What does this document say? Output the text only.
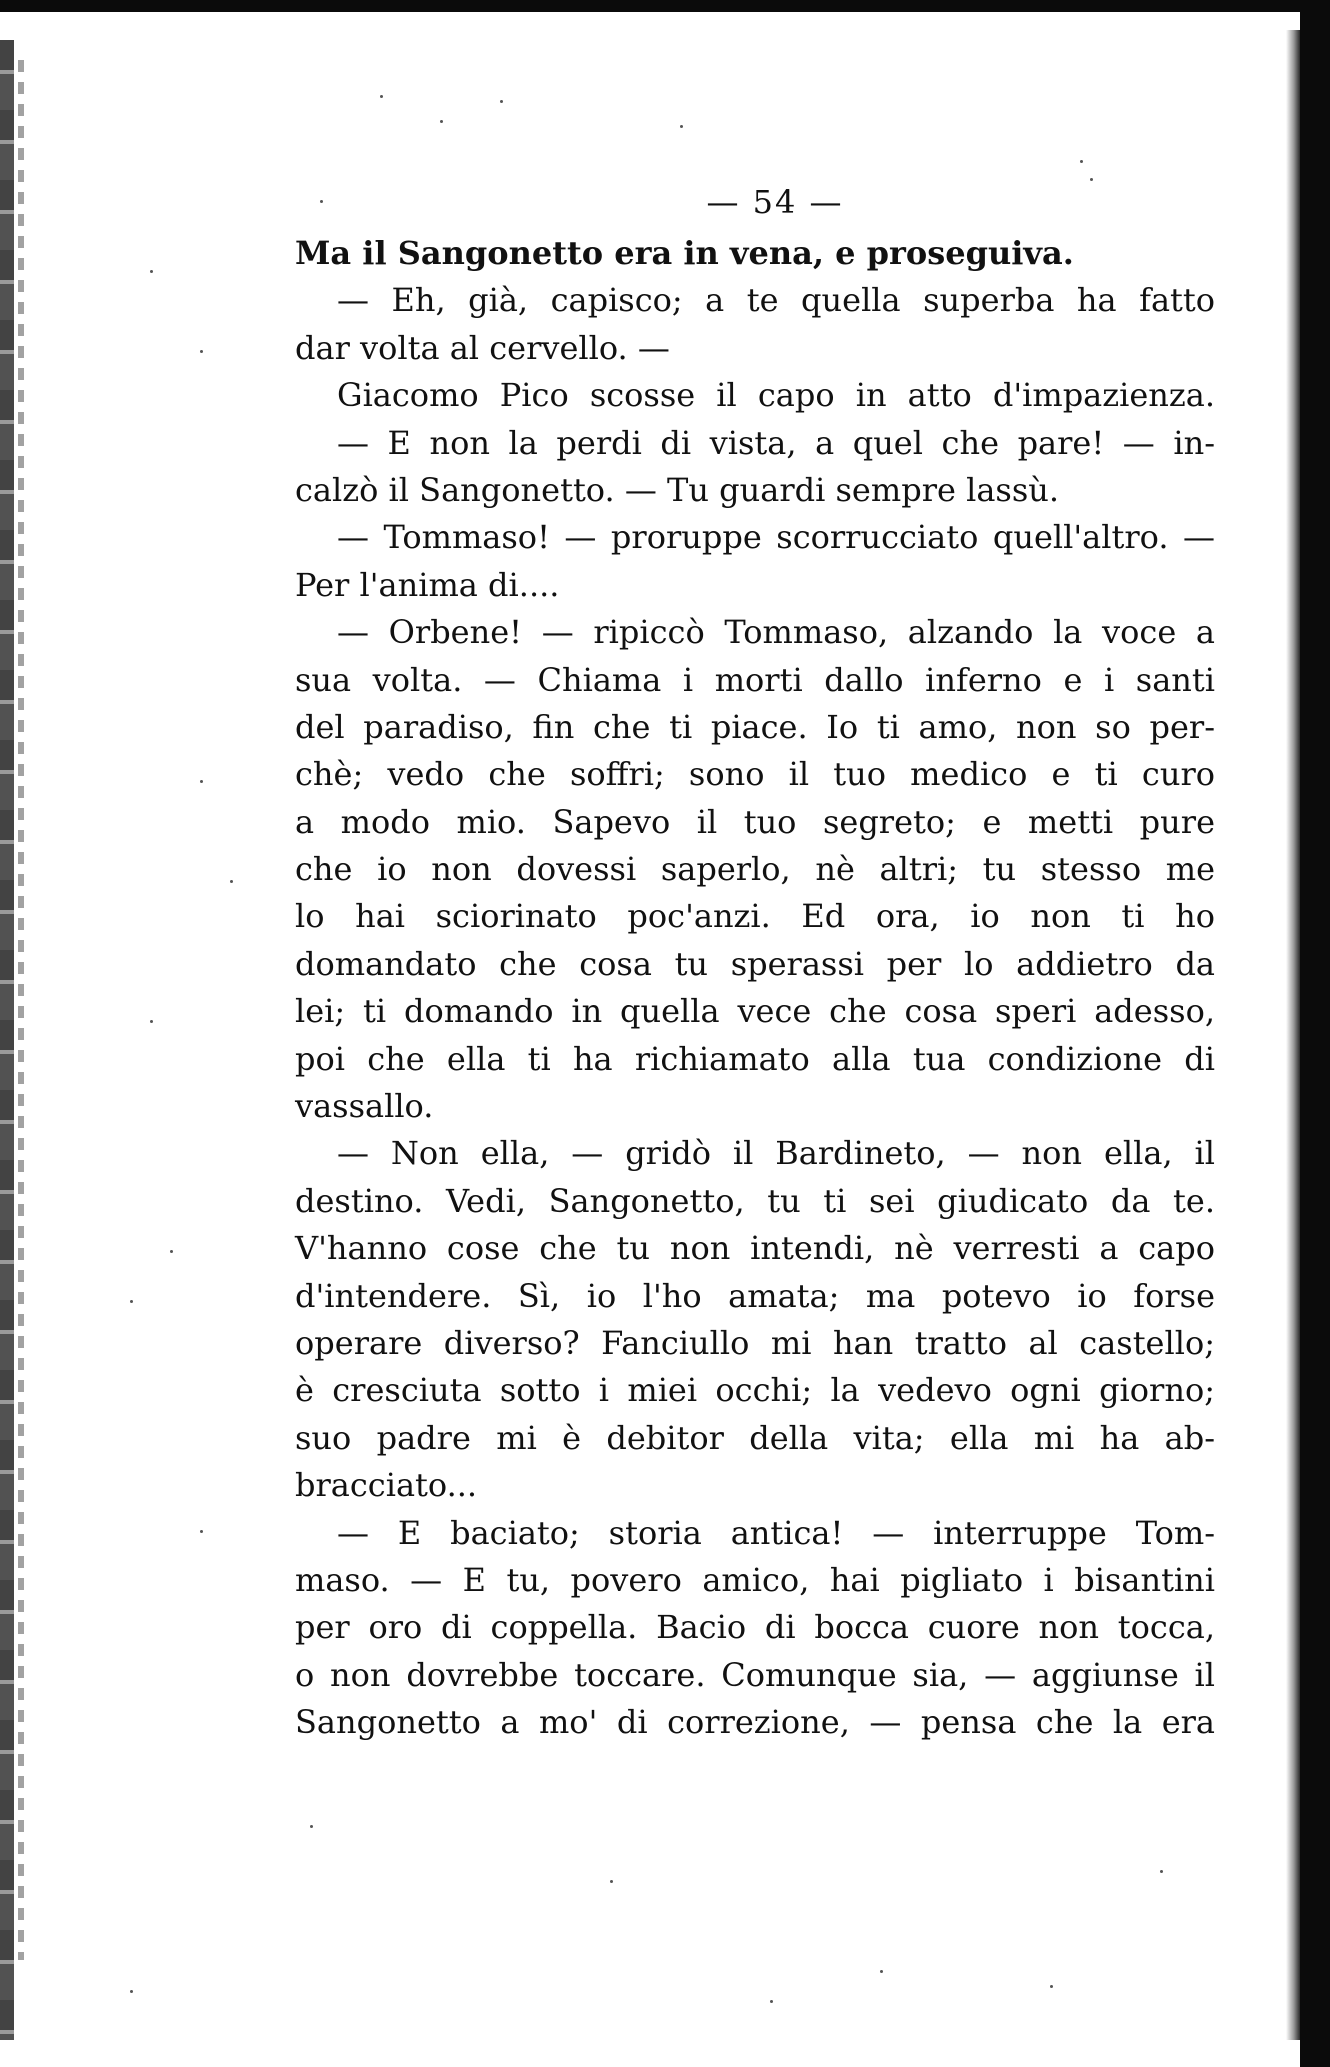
— 54 —
Ma il Sangonetto era in vena, e proseguiva.
— Eh, già, capisco; a te quella superba ha fatto
dar volta al cervello. —
Giacomo Pico scosse il capo in atto d'impazienza.
— E non la perdi di vista, a quel che pare! — in-
calzò il Sangonetto. — Tu guardi sempre lassù.
— Tommaso! — proruppe scorrucciato quell'altro. —
Per l'anima di....
— Orbene! — ripiccò Tommaso, alzando la voce a
sua volta. — Chiama i morti dallo inferno e i santi
del paradiso, fin che ti piace. Io ti amo, non so per-
chè; vedo che soffri; sono il tuo medico e ti curo
a modo mio. Sapevo il tuo segreto; e metti pure
che io non dovessi saperlo, nè altri; tu stesso me
lo hai sciorinato poc'anzi. Ed ora, io non ti ho
domandato che cosa tu sperassi per lo addietro da
lei; ti domando in quella vece che cosa speri adesso,
poi che ella ti ha richiamato alla tua condizione di
vassallo.
— Non ella, — gridò il Bardineto, — non ella, il
destino. Vedi, Sangonetto, tu ti sei giudicato da te.
V'hanno cose che tu non intendi, nè verresti a capo
d'intendere. Sì, io l'ho amata; ma potevo io forse
operare diverso? Fanciullo mi han tratto al castello;
è cresciuta sotto i miei occhi; la vedevo ogni giorno;
suo padre mi è debitor della vita; ella mi ha ab-
bracciato...
— E baciato; storia antica! — interruppe Tom-
maso. — E tu, povero amico, hai pigliato i bisantini
per oro di coppella. Bacio di bocca cuore non tocca,
o non dovrebbe toccare. Comunque sia, — aggiunse il
Sangonetto a mo' di correzione, — pensa che la era
